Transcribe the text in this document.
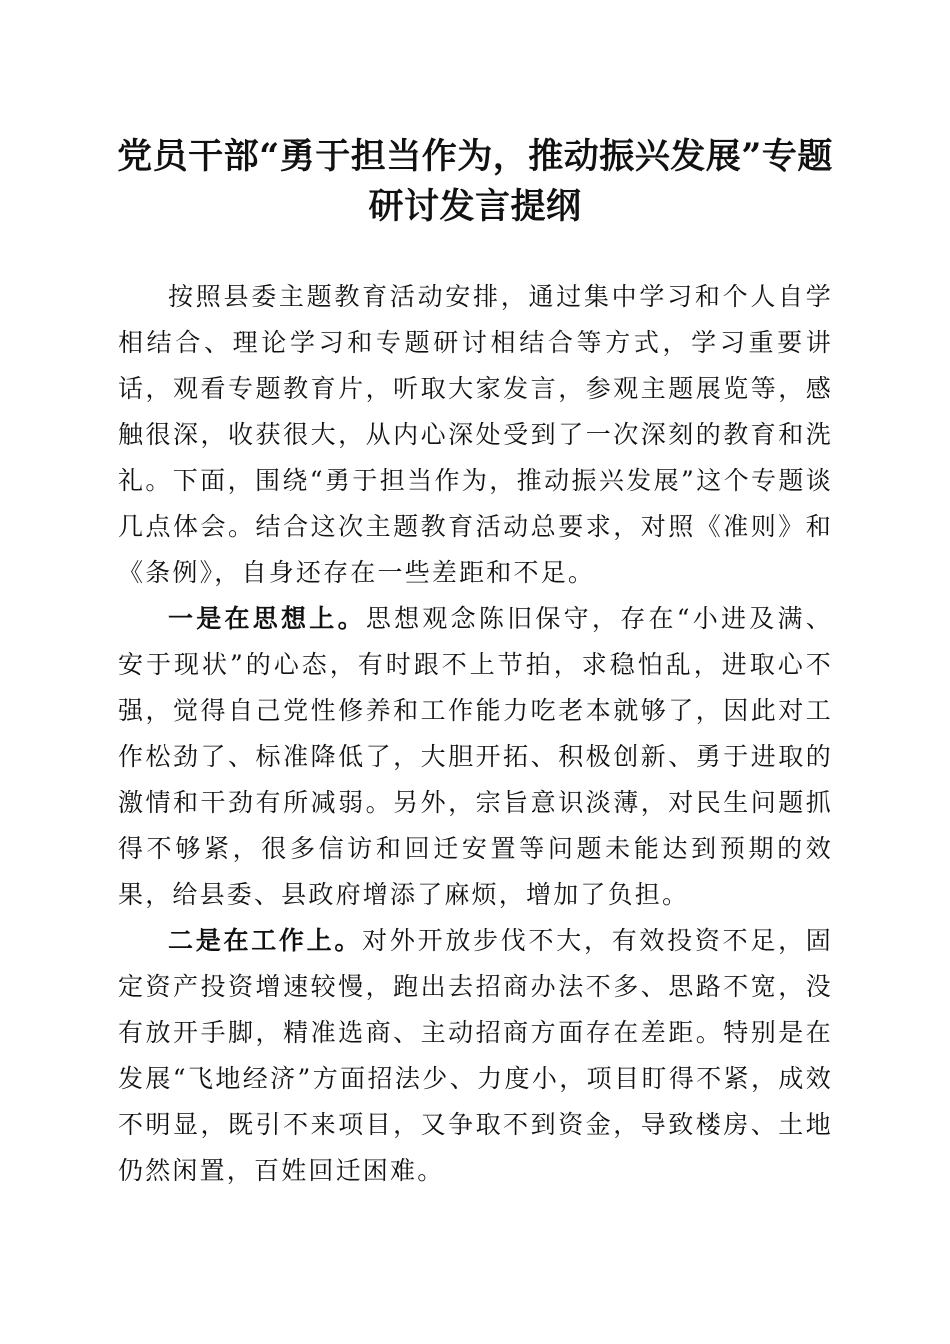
党员干部“勇于担当作为，推动振兴发展”专题研讨发言提纲

按照县委主题教育活动安排，通过集中学习和个人自学相结合、理论学习和专题研讨相结合等方式，学习重要讲话，观看专题教育片，听取大家发言，参观主题展览等，感触很深，收获很大，从内心深处受到了一次深刻的教育和洗礼。下面，围绕“勇于担当作为，推动振兴发展”这个专题谈几点体会。结合这次主题教育活动总要求，对照《准则》和《条例》，自身还存在一些差距和不足。

一是在思想上。思想观念陈旧保守，存在“小进及满、安于现状”的心态，有时跟不上节拍，求稳怕乱，进取心不强，觉得自己党性修养和工作能力吃老本就够了，因此对工作松劲了、标准降低了，大胆开拓、积极创新、勇于进取的激情和干劲有所减弱。另外，宗旨意识淡薄，对民生问题抓得不够紧，很多信访和回迁安置等问题未能达到预期的效果，给县委、县政府增添了麻烦，增加了负担。

二是在工作上。对外开放步伐不大，有效投资不足，固定资产投资增速较慢，跑出去招商办法不多、思路不宽，没有放开手脚，精准选商、主动招商方面存在差距。特别是在发展“飞地经济”方面招法少、力度小，项目盯得不紧，成效不明显，既引不来项目，又争取不到资金，导致楼房、土地仍然闲置，百姓回迁困难。
